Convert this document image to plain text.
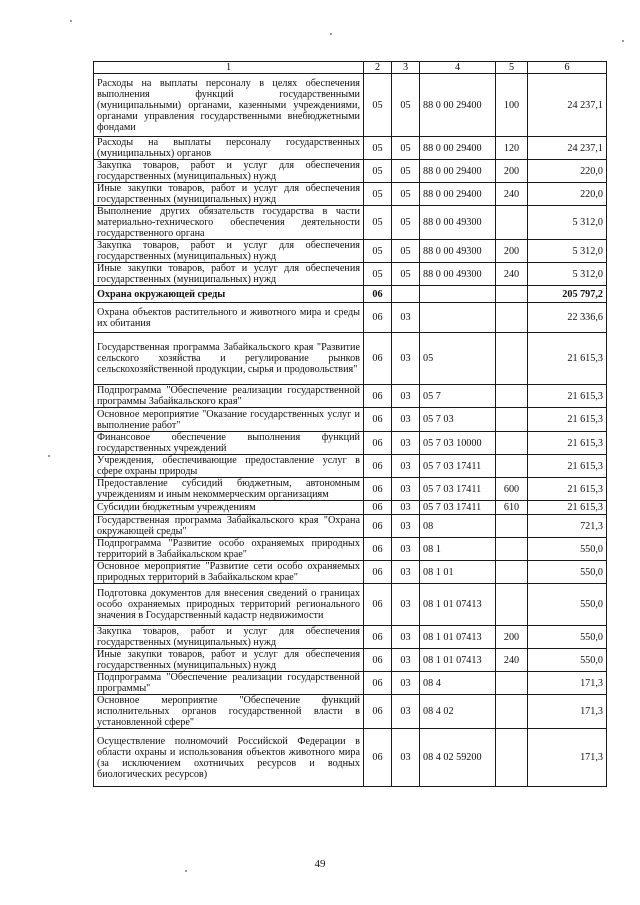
1	2	3	4	5	6
Расходы на выплаты персоналу в целях обеспечения выполнения функций государственными (муниципальными) органами, казенными учреждениями, органами управления государственными внебюджетными фондами	05	05	88 0 00 29400	100	24 237,1
Расходы на выплаты персоналу государственных (муниципальных) органов	05	05	88 0 00 29400	120	24 237,1
Закупка товаров, работ и услуг для обеспечения государственных (муниципальных) нужд	05	05	88 0 00 29400	200	220,0
Иные закупки товаров, работ и услуг для обеспечения государственных (муниципальных) нужд	05	05	88 0 00 29400	240	220,0
Выполнение других обязательств государства в части материально-технического обеспечения деятельности государственного органа	05	05	88 0 00 49300		5 312,0
Закупка товаров, работ и услуг для обеспечения государственных (муниципальных) нужд	05	05	88 0 00 49300	200	5 312,0
Иные закупки товаров, работ и услуг для обеспечения государственных (муниципальных) нужд	05	05	88 0 00 49300	240	5 312,0
Охрана окружающей среды	06				205 797,2
Охрана объектов растительного и животного мира и среды их обитания	06	03			22 336,6
Государственная программа Забайкальского края "Развитие сельского хозяйства и регулирование рынков сельскохозяйственной продукции, сырья и продовольствия"	06	03	05		21 615,3
Подпрограмма "Обеспечение реализации государственной программы Забайкальского края"	06	03	05 7		21 615,3
Основное мероприятие "Оказание государственных услуг и выполнение работ"	06	03	05 7 03		21 615,3
Финансовое обеспечение выполнения функций государственных учреждений	06	03	05 7 03 10000		21 615,3
Учреждения, обеспечивающие предоставление услуг в сфере охраны природы	06	03	05 7 03 17411		21 615,3
Предоставление субсидий бюджетным, автономным учреждениям и иным некоммерческим организациям	06	03	05 7 03 17411	600	21 615,3
Субсидии бюджетным учреждениям	06	03	05 7 03 17411	610	21 615,3
Государственная программа Забайкальского края "Охрана окружающей среды"	06	03	08		721,3
Подпрограмма "Развитие особо охраняемых природных территорий в Забайкальском крае"	06	03	08 1		550,0
Основное мероприятие "Развитие сети особо охраняемых природных территорий в Забайкальском крае"	06	03	08 1 01		550,0
Подготовка документов для внесения сведений о границах особо охраняемых природных территорий регионального значения в Государственный кадастр недвижимости	06	03	08 1 01 07413		550,0
Закупка товаров, работ и услуг для обеспечения государственных (муниципальных) нужд	06	03	08 1 01 07413	200	550,0
Иные закупки товаров, работ и услуг для обеспечения государственных (муниципальных) нужд	06	03	08 1 01 07413	240	550,0
Подпрограмма "Обеспечение реализации государственной программы"	06	03	08 4		171,3
Основное мероприятие "Обеспечение функций исполнительных органов государственной власти в установленной сфере"	06	03	08 4 02		171,3
Осуществление полномочий Российской Федерации в области охраны и использования объектов животного мира (за исключением охотничьих ресурсов и водных биологических ресурсов)	06	03	08 4 02 59200		171,3
49
